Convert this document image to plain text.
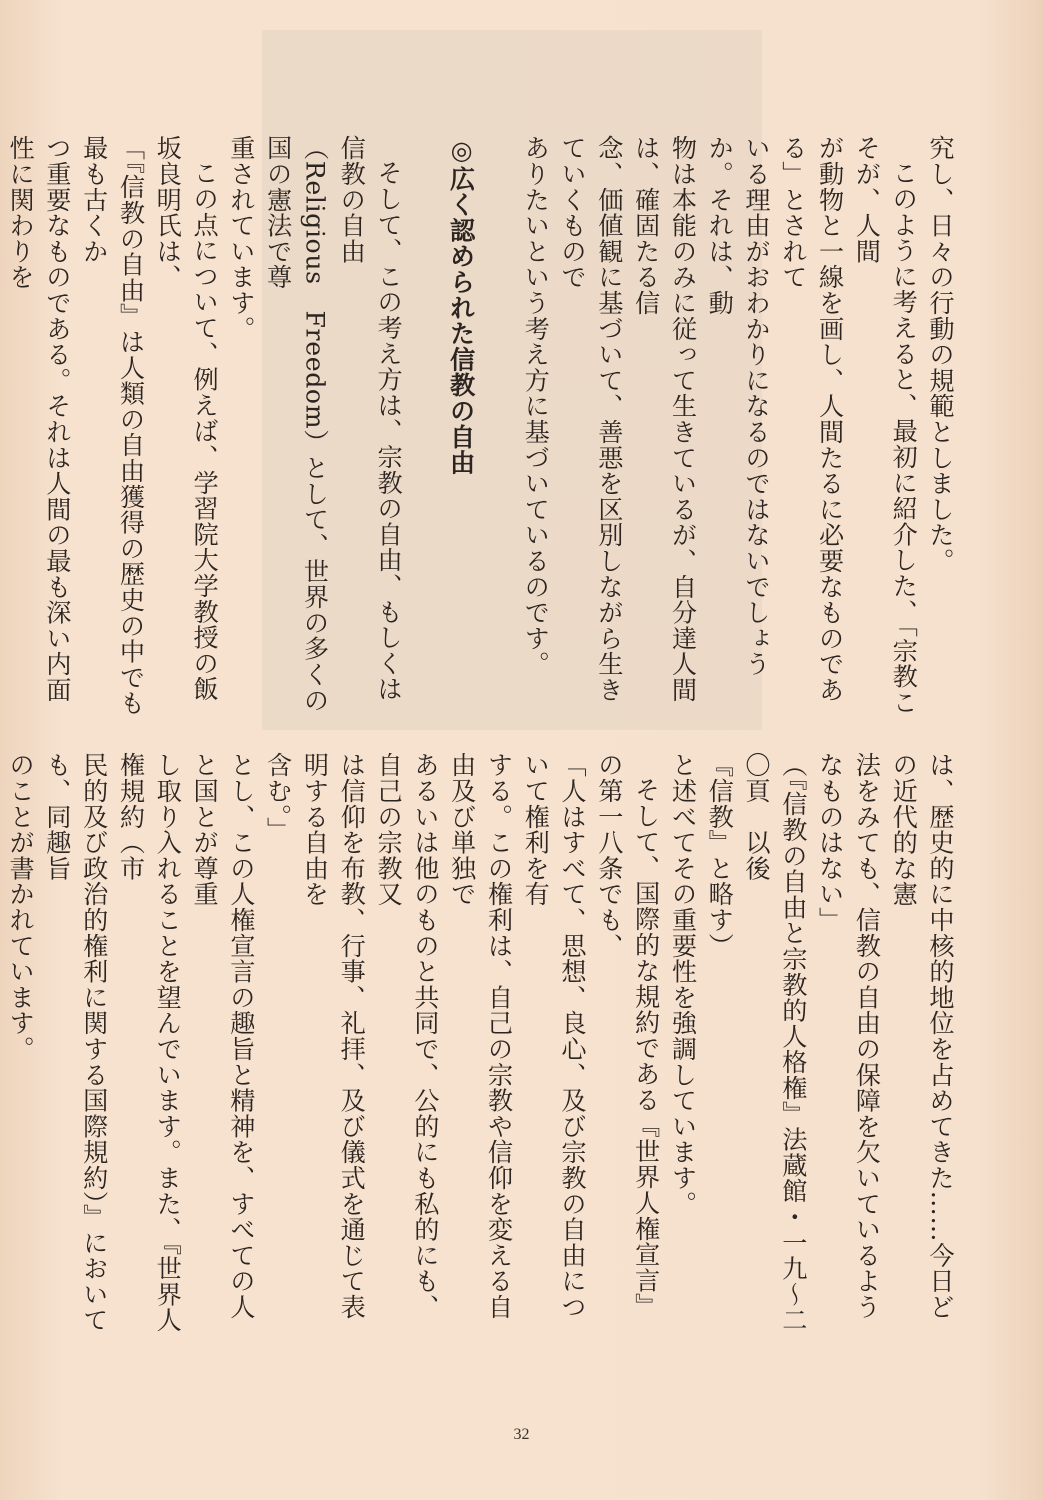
究し、日々の行動の規範としました。

このように考えると、最初に紹介した、「宗教こそが、人間

が動物と一線を画し、人間たるに必要なものである」とされて

いる理由がおわかりになるのではないでしょうか。それは、動

物は本能のみに従って生きているが、自分達人間は、確固たる信

念、価値観に基づいて、善悪を区別しながら生きていくもので

ありたいという考え方に基づいているのです。

◎広く認められた信教の自由

そして、この考え方は、宗教の自由、もしくは信教の自由

（Religious　Freedom）として、世界の多くの国の憲法で尊

重されています。

この点について、例えば、学習院大学教授の飯坂良明氏は、

「『信教の自由』は人類の自由獲得の歴史の中でも最も古くか

つ重要なものである。それは人間の最も深い内面性に関わりを

は、歴史的に中核的地位を占めてきた……今日どの近代的な憲

法をみても、信教の自由の保障を欠いているようなものはない」

（『信教の自由と宗教的人格権』法蔵館・一九～二〇頁　以後

『信教』と略す）

と述べてその重要性を強調しています。

そして、国際的な規約である『世界人権宣言』の第一八条でも、

「人はすべて、思想、良心、及び宗教の自由について権利を有

する。この権利は、自己の宗教や信仰を変える自由及び単独で

あるいは他のものと共同で、公的にも私的にも、自己の宗教又

は信仰を布教、行事、礼拝、及び儀式を通じて表明する自由を

含む。」

とし、この人権宣言の趣旨と精神を、すべての人と国とが尊重

し取り入れることを望んでいます。また、『世界人権規約（市

民的及び政治的権利に関する国際規約）』においても、同趣旨

のことが書かれています。

32
